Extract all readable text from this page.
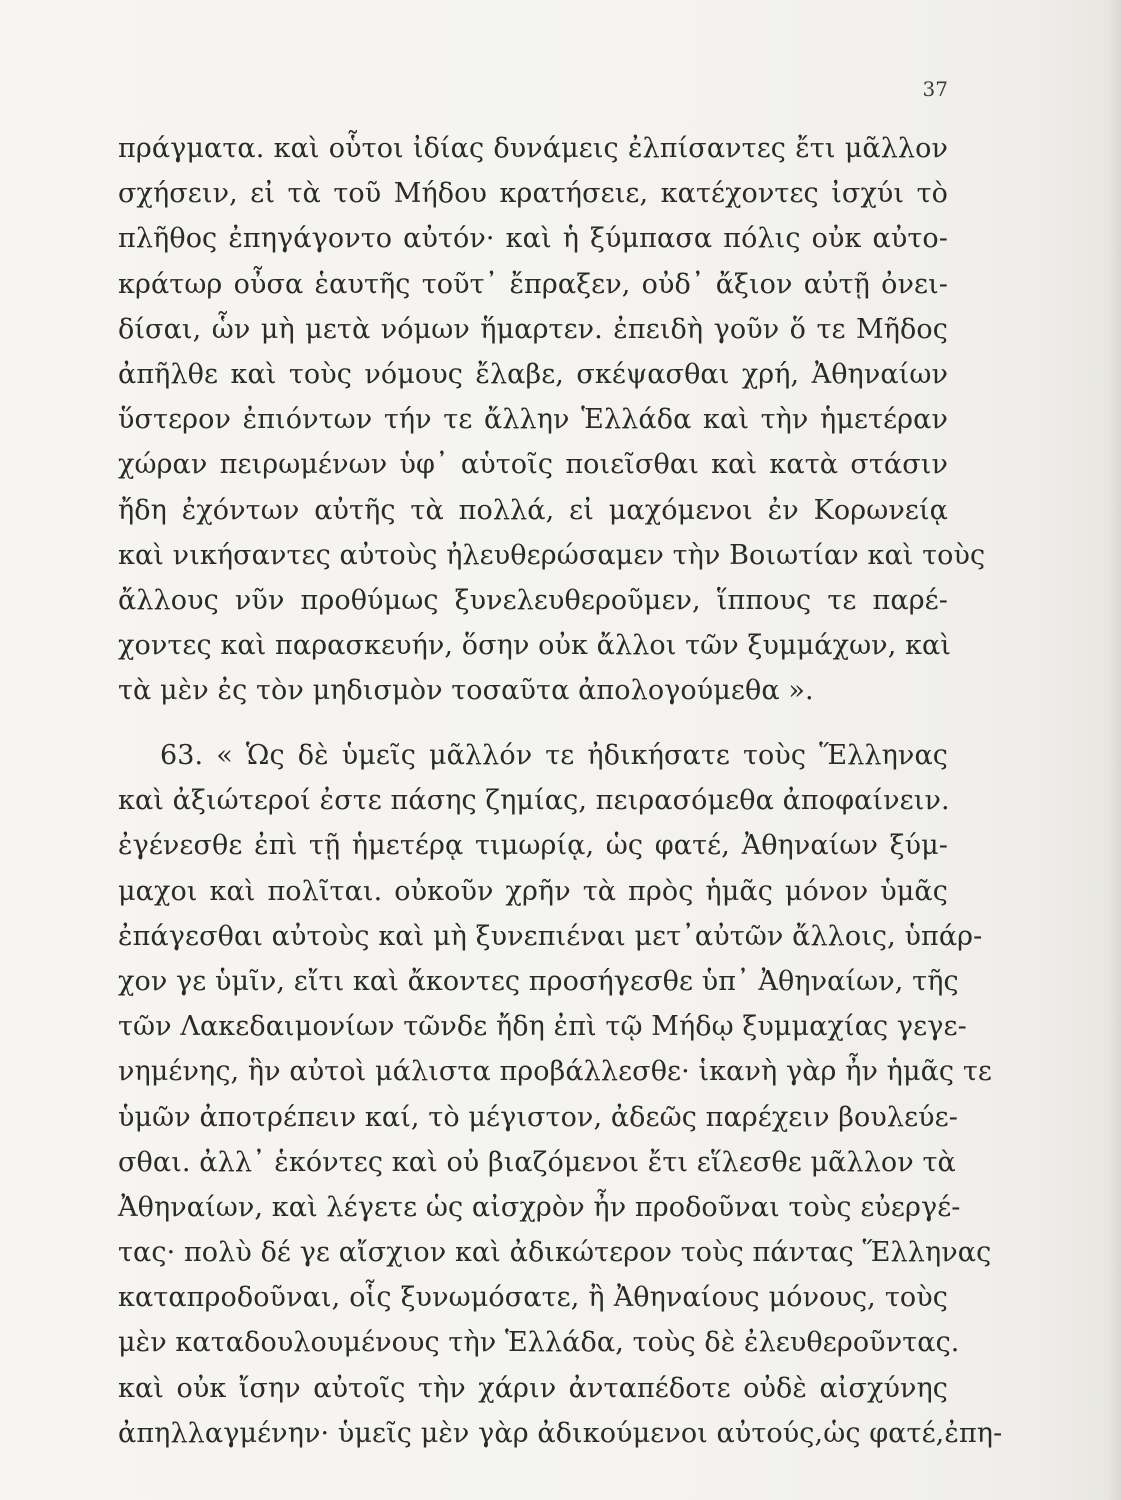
37
πράγματα. καὶ οὗτοι ἰδίας δυνάμεις ἐλπίσαντες ἔτι μᾶλλον
σχήσειν, εἰ τὰ τοῦ Μήδου κρατήσειε, κατέχοντες ἰσχύι τὸ
πλῆθος ἐπηγάγοντο αὐτόν· καὶ ἡ ξύμπασα πόλις οὐκ αὐτο-
κράτωρ οὖσα ἑαυτῆς τοῦτ᾽ ἔπραξεν, οὐδ᾽ ἄξιον αὐτῇ ὀνει-
δίσαι, ὧν μὴ μετὰ νόμων ἥμαρτεν. ἐπειδὴ γοῦν ὅ τε Μῆδος
ἀπῆλθε καὶ τοὺς νόμους ἔλαβε, σκέψασθαι χρή, Ἀθηναίων
ὕστερον ἐπιόντων τήν τε ἄλλην Ἑλλάδα καὶ τὴν ἡμετέραν
χώραν πειρωμένων ὑφ᾽ αὑτοῖς ποιεῖσθαι καὶ κατὰ στάσιν
ἤδη ἐχόντων αὐτῆς τὰ πολλά, εἰ μαχόμενοι ἐν Κορωνείᾳ
καὶ νικήσαντες αὐτοὺς ἠλευθερώσαμεν τὴν Βοιωτίαν καὶ τοὺς
ἄλλους νῦν προθύμως ξυνελευθεροῦμεν, ἵππους τε παρέ-
χοντες καὶ παρασκευήν, ὅσην οὐκ ἄλλοι τῶν ξυμμάχων, καὶ
τὰ μὲν ἐς τὸν μηδισμὸν τοσαῦτα ἀπολογούμεθα ».
63. « Ὡς δὲ ὑμεῖς μᾶλλόν τε ἠδικήσατε τοὺς Ἕλληνας
καὶ ἀξιώτεροί ἐστε πάσης ζημίας, πειρασόμεθα ἀποφαίνειν.
ἐγένεσθε ἐπὶ τῇ ἡμετέρᾳ τιμωρίᾳ, ὡς φατέ, Ἀθηναίων ξύμ-
μαχοι καὶ πολῖται. οὐκοῦν χρῆν τὰ πρὸς ἡμᾶς μόνον ὑμᾶς
ἐπάγεσθαι αὐτοὺς καὶ μὴ ξυνεπιέναι μετ᾽αὐτῶν ἄλλοις, ὑπάρ-
χον γε ὑμῖν, εἴτι καὶ ἄκοντες προσήγεσθε ὑπ᾽ Ἀθηναίων, τῆς
τῶν Λακεδαιμονίων τῶνδε ἤδη ἐπὶ τῷ Μήδῳ ξυμμαχίας γεγε-
νημένης, ἣν αὐτοὶ μάλιστα προβάλλεσθε· ἱκανὴ γὰρ ἦν ἡμᾶς τε
ὑμῶν ἀποτρέπειν καί, τὸ μέγιστον, ἀδεῶς παρέχειν βουλεύε-
σθαι. ἀλλ᾽ ἑκόντες καὶ οὐ βιαζόμενοι ἔτι εἵλεσθε μᾶλλον τὰ
Ἀθηναίων, καὶ λέγετε ὡς αἰσχρὸν ἦν προδοῦναι τοὺς εὐεργέ-
τας· πολὺ δέ γε αἴσχιον καὶ ἀδικώτερον τοὺς πάντας Ἕλληνας
καταπροδοῦναι, οἷς ξυνωμόσατε, ἢ Ἀθηναίους μόνους, τοὺς
μὲν καταδουλουμένους τὴν Ἑλλάδα, τοὺς δὲ ἐλευθεροῦντας.
καὶ οὐκ ἴσην αὐτοῖς τὴν χάριν ἀνταπέδοτε οὐδὲ αἰσχύνης
ἀπηλλαγμένην· ὑμεῖς μὲν γὰρ ἀδικούμενοι αὐτούς,ὡς φατέ,ἐπη-
